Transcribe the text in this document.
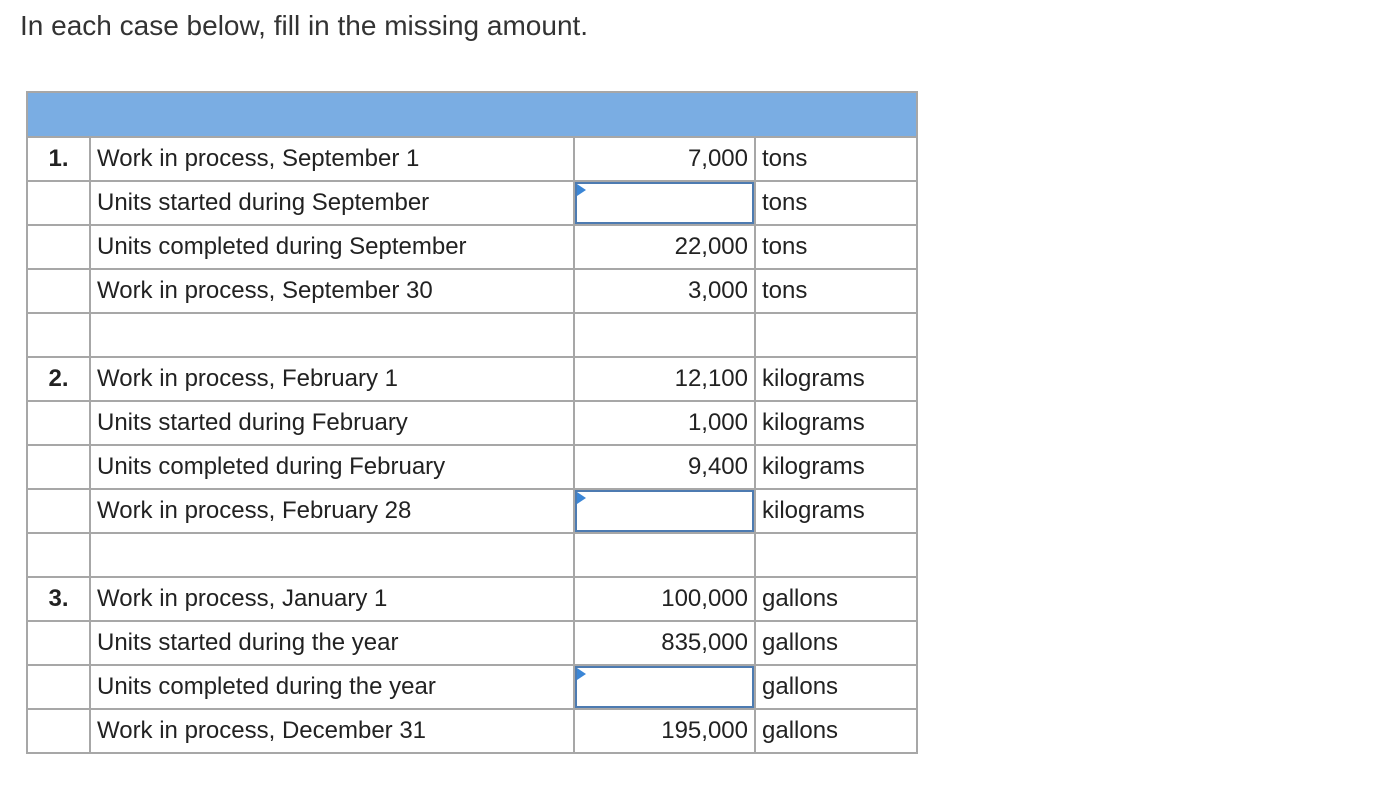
In each case below, fill in the missing amount.

1.	Work in process, September 1	7,000	tons
	Units started during September		tons
	Units completed during September	22,000	tons
	Work in process, September 30	3,000	tons

2.	Work in process, February 1	12,100	kilograms
	Units started during February	1,000	kilograms
	Units completed during February	9,400	kilograms
	Work in process, February 28		kilograms

3.	Work in process, January 1	100,000	gallons
	Units started during the year	835,000	gallons
	Units completed during the year		gallons
	Work in process, December 31	195,000	gallons
